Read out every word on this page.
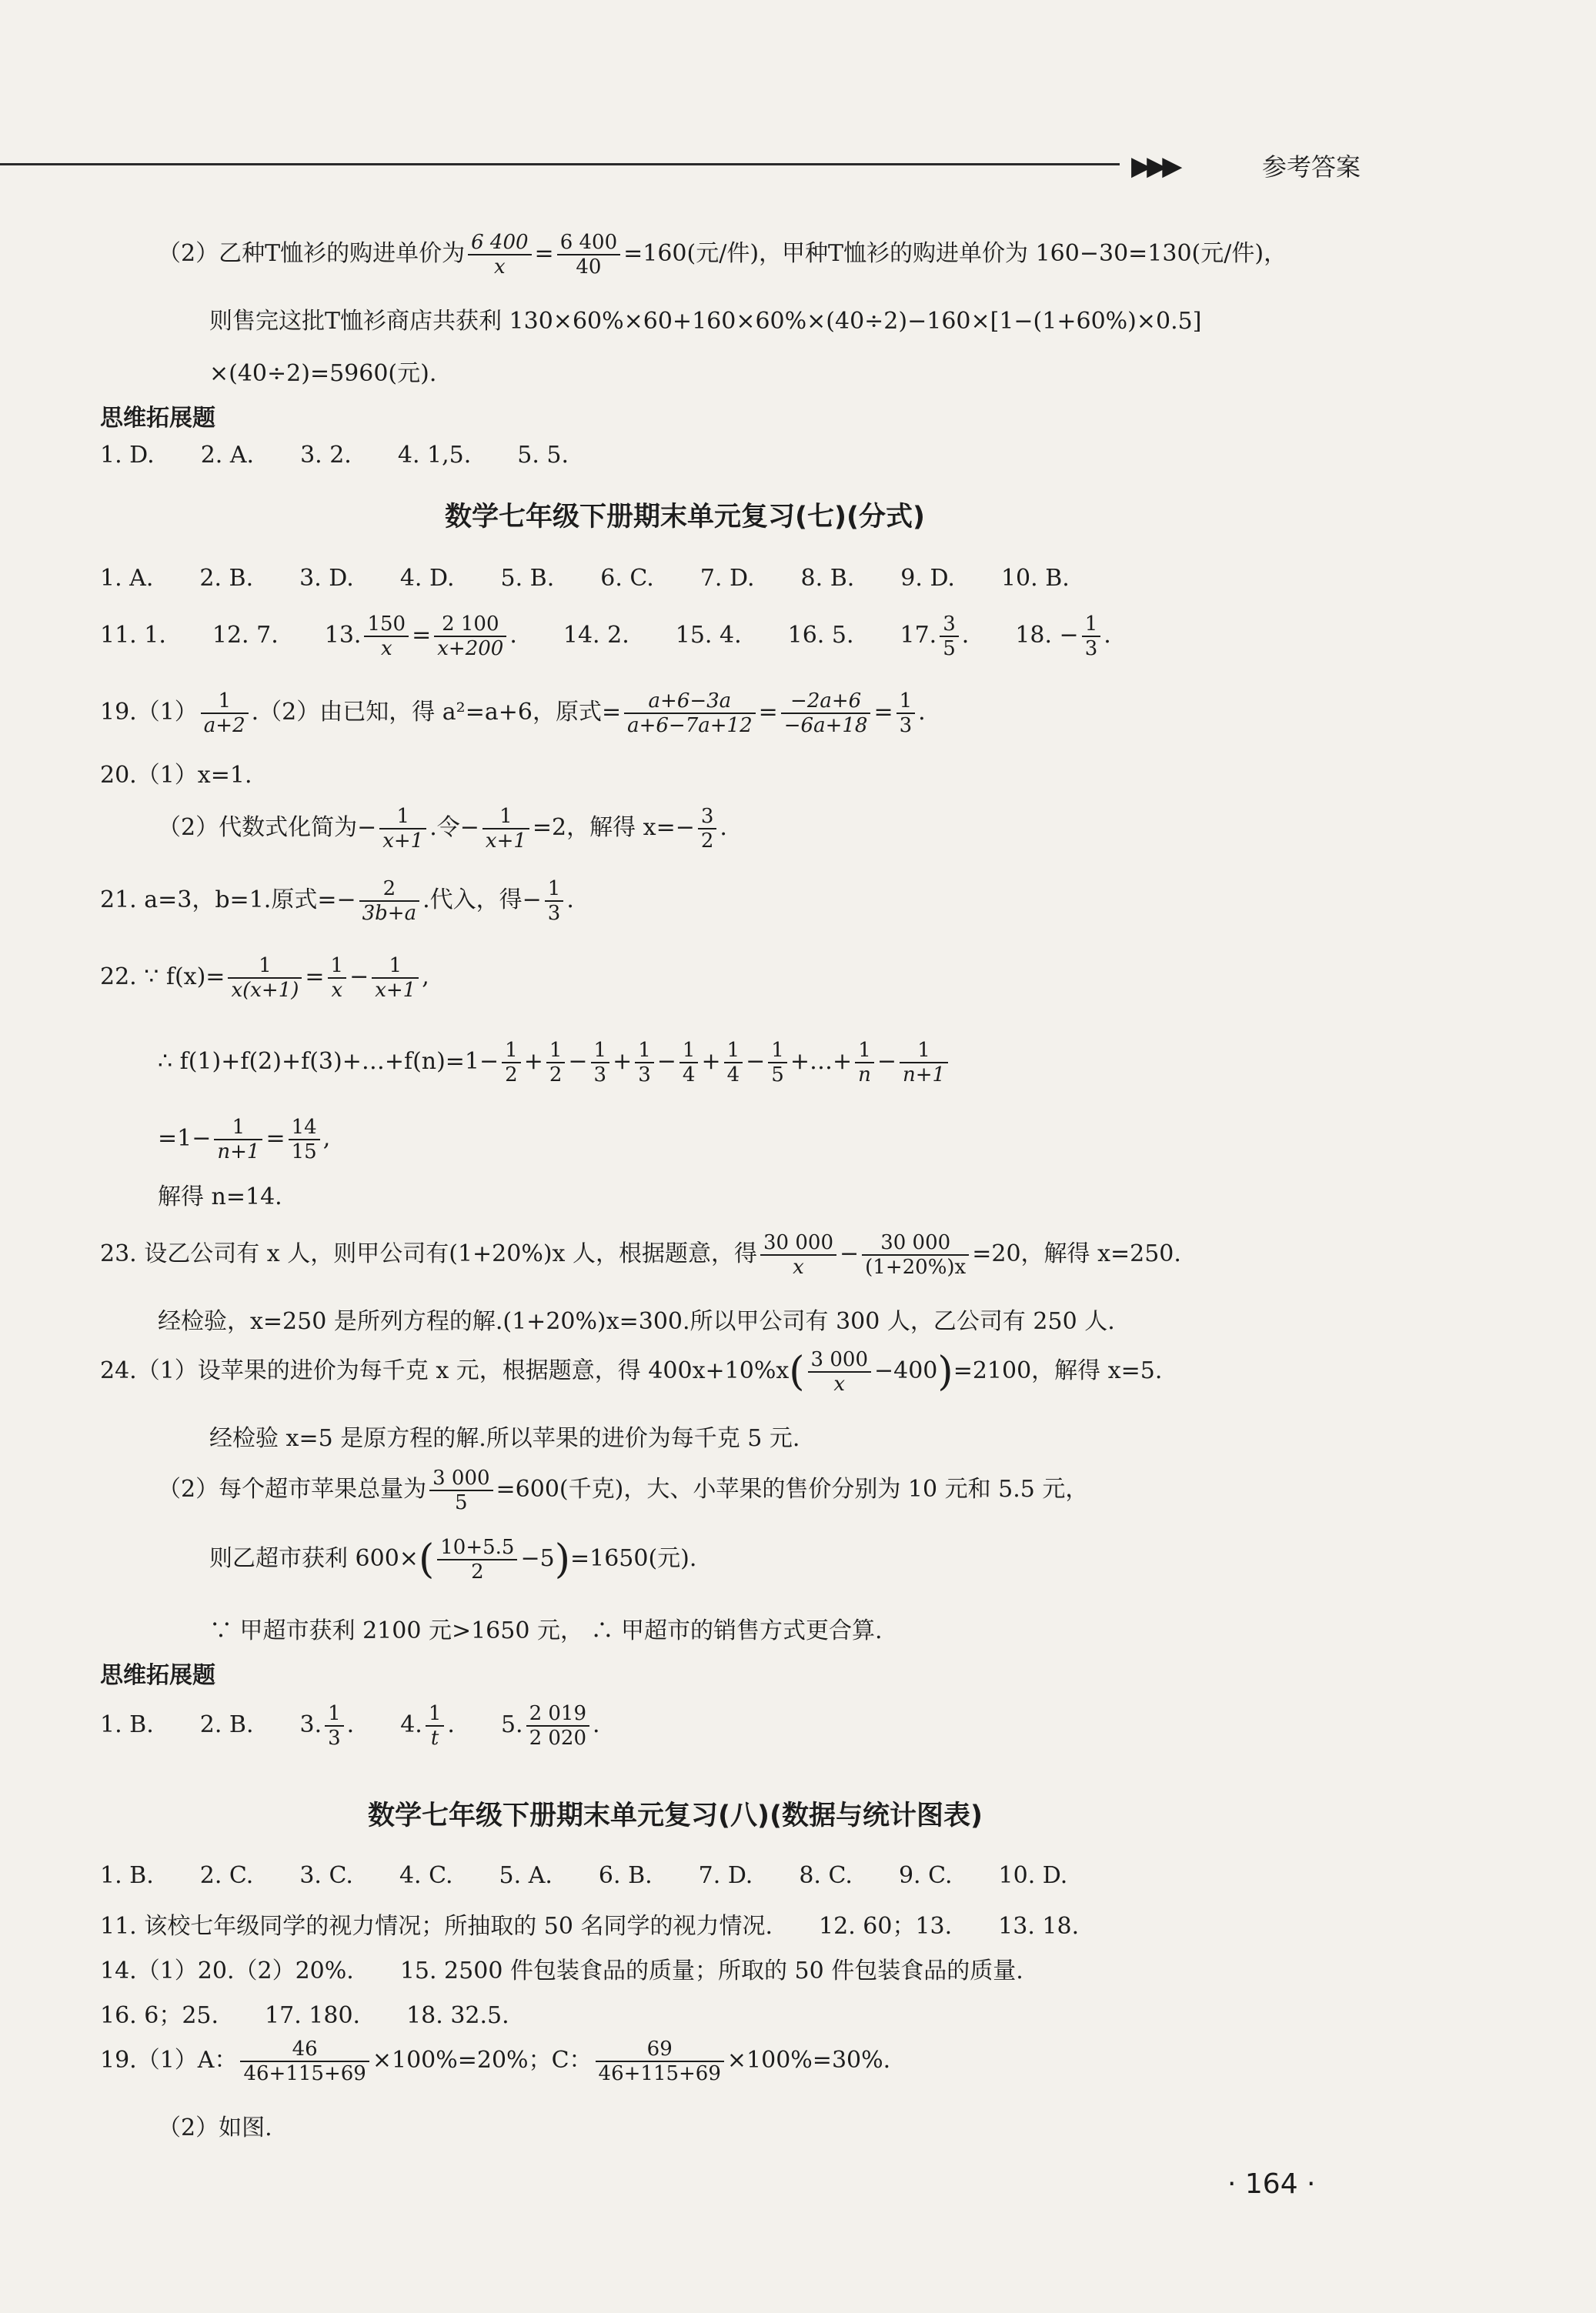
▶▶▶	参考答案
（2）乙种T恤衫的购进单价为 $\frac{6 400}{x} = \frac{6 400}{40} =160$(元/件)，甲种T恤衫的购进单价为 160−30=130(元/件)，
则售完这批T恤衫商店共获利 130×60%×60+160×60%×(40÷2)−160×[1−(1+60%)×0.5]
×(40÷2)=5960(元).
思维拓展题
1. D. 2. A. 3. 2. 4. 1,5. 5. 5.
数学七年级下册期末单元复习(七)(分式)
1. A. 2. B. 3. D. 4. D. 5. B. 6. C. 7. D. 8. B. 9. D. 10. B.
11. 1. 12. 7. 13. $\frac{150}{x} = \frac{2 100}{x+200}$ . 14. 2. 15. 4. 16. 5. 17. $\frac{3}{5}$ . 18. − $\frac{1}{3}$ .
$19.(1) \frac{1}{a+2} .(2)$由已知，得 a²=a+6，原式= $\frac{a+6-3a}{a+6-7a+12} = \frac{-2a+6}{-6a+18} = \frac{1}{3}$ .
20.（1）x=1.
（2）代数式化简为− $\frac{1}{x+1}$ .令− $\frac{1}{x+1} =2$，解得 $x=- \frac{3}{2}$ .
21. a=3，b=1.原式=− $\frac{2}{3b+a}$ .代入，得− $\frac{1}{3}$ .
22. ∵ $f(x)= \frac{1}{x(x+1)} = \frac{1}{x} - \frac{1}{x+1}$ ,
∴ f(1)+f(2)+f(3)+…+f(n)=1− $\frac{1}{2} + \frac{1}{2} - \frac{1}{3} + \frac{1}{3} - \frac{1}{4} + \frac{1}{4} - \frac{1}{5}$ +…+ $\frac{1}{n} - \frac{1}{n+1}$
$=1- \frac{1}{n+1} = \frac{14}{15}$ ,
解得 n=14.
23. 设乙公司有 x 人，则甲公司有(1+20%)x 人，根据题意，得 $\frac{30 000}{x} - \frac{30 000}{(1+20\%)x} =20$，解得 x=250.
经检验，x=250 是所列方程的解.(1+20%)x=300.所以甲公司有 300 人，乙公司有 250 人.
24.（1）设苹果的进价为每千克 x 元，根据题意，得 $400x+10\%x( \frac{3 000}{x} -400)=2100$，解得 x=5.
经检验 x=5 是原方程的解.所以苹果的进价为每千克 5 元.
（2）每个超市苹果总量为 $\frac{3 000}{5} =600$(千克)，大、小苹果的售价分别为 10 元和 5.5 元，
则乙超市获利 $600\times( \frac{10+5.5}{2} -5)=1650$(元).
∵ 甲超市获利 2100 元>1650 元， ∴ 甲超市的销售方式更合算.
思维拓展题
1. B. 2. B. 3. $\frac{1}{3}$ . 4. $\frac{1}{t}$ . 5. $\frac{2 019}{2 020}$ .
数学七年级下册期末单元复习(八)(数据与统计图表)
1. B. 2. C. 3. C. 4. C. 5. A. 6. B. 7. D. 8. C. 9. C. 10. D.
11. 该校七年级同学的视力情况；所抽取的 50 名同学的视力情况. 12. 60；13. 13. 18.
14.（1）20.（2）20%. 15. 2500 件包装食品的质量；所取的 50 件包装食品的质量.
16. 6；25. 17. 180. 18. 32.5.
19.（1）A： $\frac{46}{46+115+69} \times 100\%=20\%$；C： $\frac{69}{46+115+69} \times 100\%=30\%$.
（2）如图.
· 164 ·
